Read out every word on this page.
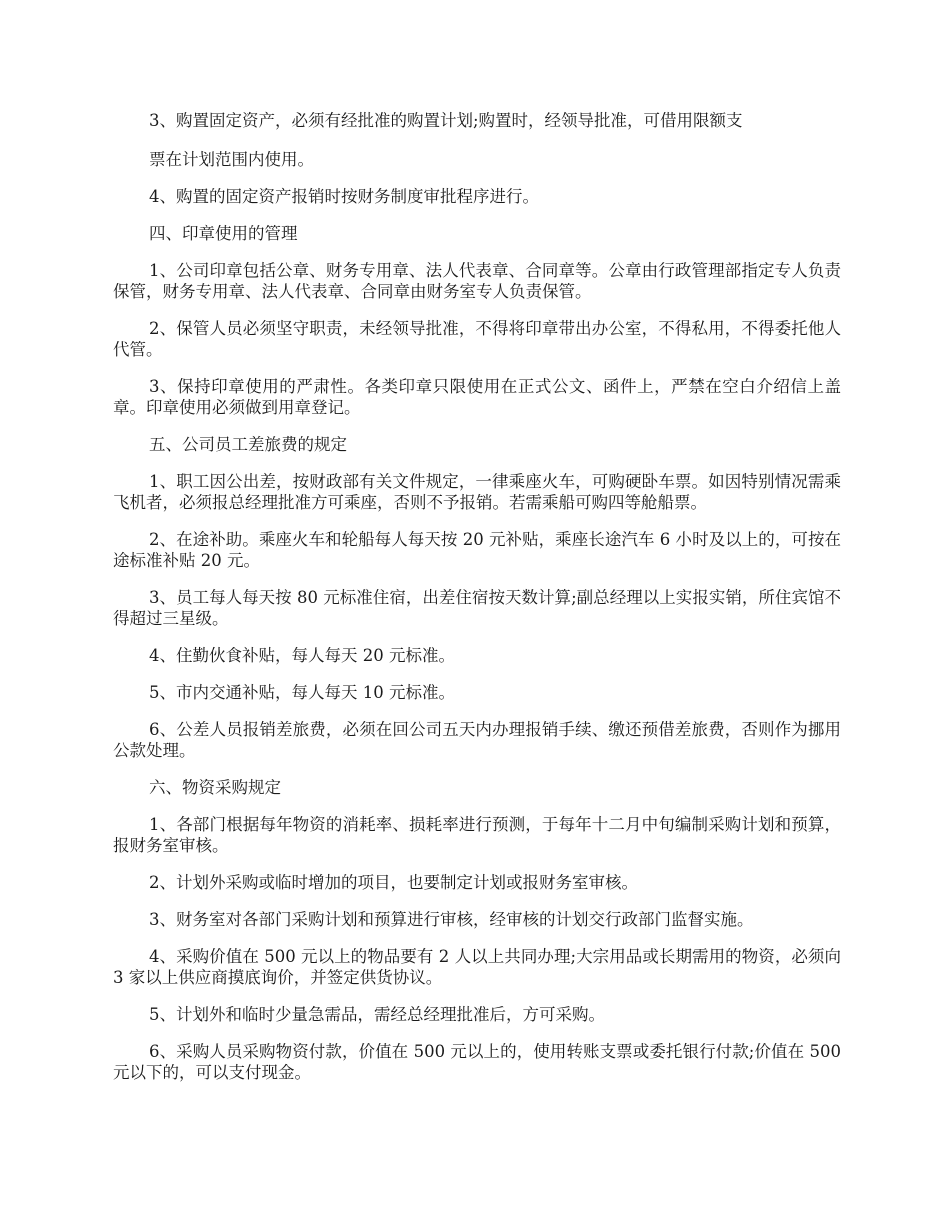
3、购置固定资产，必须有经批准的购置计划;购置时，经领导批准，可借用限额支

票在计划范围内使用。

4、购置的固定资产报销时按财务制度审批程序进行。

四、印章使用的管理

1、公司印章包括公章、财务专用章、法人代表章、合同章等。公章由行政管理部指定专人负责保管，财务专用章、法人代表章、合同章由财务室专人负责保管。

2、保管人员必须坚守职责，未经领导批准，不得将印章带出办公室，不得私用，不得委托他人代管。

3、保持印章使用的严肃性。各类印章只限使用在正式公文、函件上，严禁在空白介绍信上盖章。印章使用必须做到用章登记。

五、公司员工差旅费的规定

1、职工因公出差，按财政部有关文件规定，一律乘座火车，可购硬卧车票。如因特别情况需乘飞机者，必须报总经理批准方可乘座，否则不予报销。若需乘船可购四等舱船票。

2、在途补助。乘座火车和轮船每人每天按 20 元补贴，乘座长途汽车 6 小时及以上的，可按在途标准补贴 20 元。

3、员工每人每天按 80 元标准住宿，出差住宿按天数计算;副总经理以上实报实销，所住宾馆不得超过三星级。

4、住勤伙食补贴，每人每天 20 元标准。

5、市内交通补贴，每人每天 10 元标准。

6、公差人员报销差旅费，必须在回公司五天内办理报销手续、缴还预借差旅费，否则作为挪用公款处理。

六、物资采购规定

1、各部门根据每年物资的消耗率、损耗率进行预测，于每年十二月中旬编制采购计划和预算，报财务室审核。

2、计划外采购或临时增加的项目，也要制定计划或报财务室审核。

3、财务室对各部门采购计划和预算进行审核，经审核的计划交行政部门监督实施。

4、采购价值在 500 元以上的物品要有 2 人以上共同办理;大宗用品或长期需用的物资，必须向 3 家以上供应商摸底询价，并签定供货协议。

5、计划外和临时少量急需品，需经总经理批准后，方可采购。

6、采购人员采购物资付款，价值在 500 元以上的，使用转账支票或委托银行付款;价值在 500 元以下的，可以支付现金。
